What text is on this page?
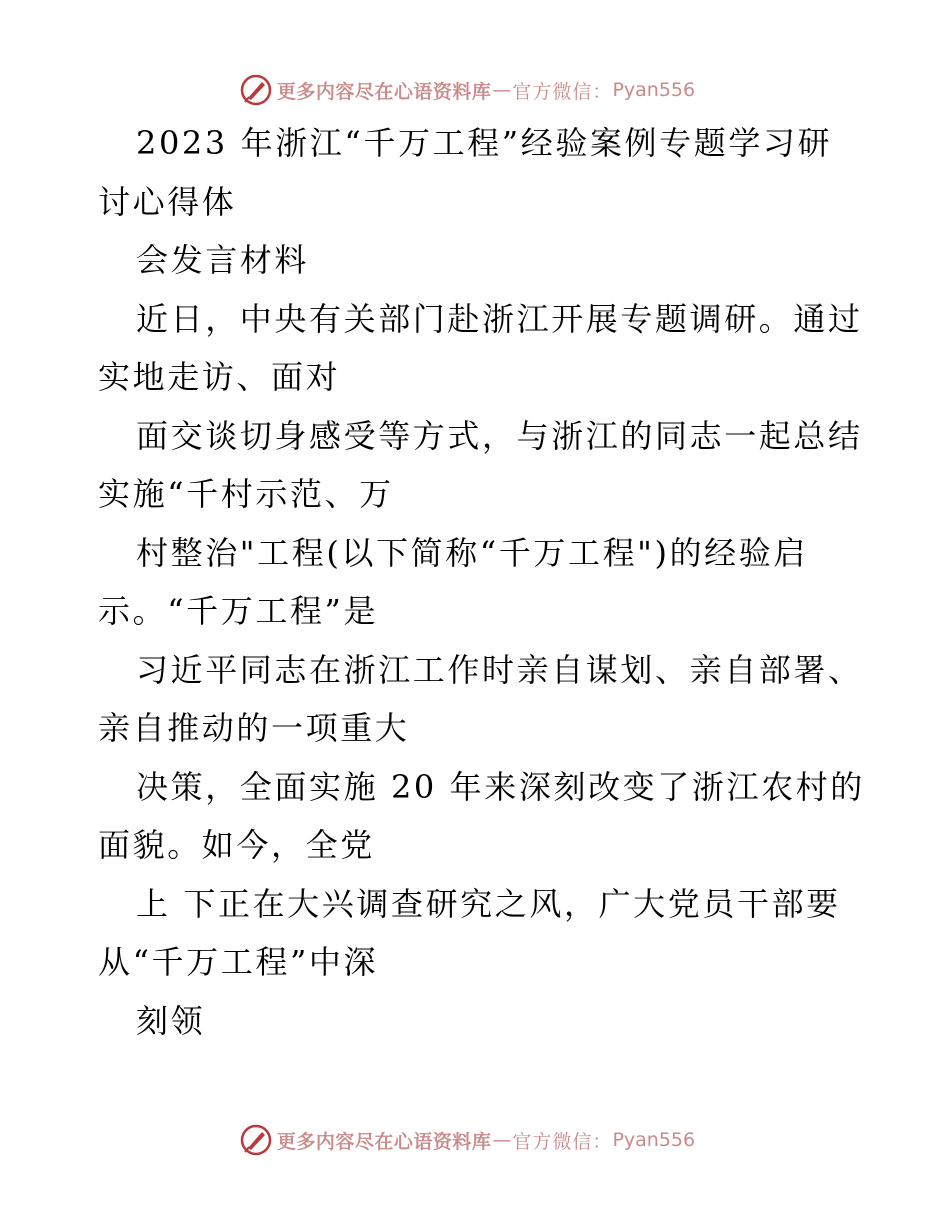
更多内容尽在心语资料库 — 官方微信： Pyan556

2023 年浙江“千万工程”经验案例专题学习研

讨心得体

会发言材料

近日，中央有关部门赴浙江开展专题调研。通过

实地走访、面对

面交谈切身感受等方式，与浙江的同志一起总结

实施“千村示范、万

村整治"工程(以下简称“千万工程")的经验启

示。“千万工程”是

习近平同志在浙江工作时亲自谋划、亲自部署、

亲自推动的一项重大

决策，全面实施 20 年来深刻改变了浙江农村的

面貌。如今，全党

上 下正在大兴调查研究之风，广大党员干部要

从“千万工程”中深

刻领

更多内容尽在心语资料库 — 官方微信： Pyan556
